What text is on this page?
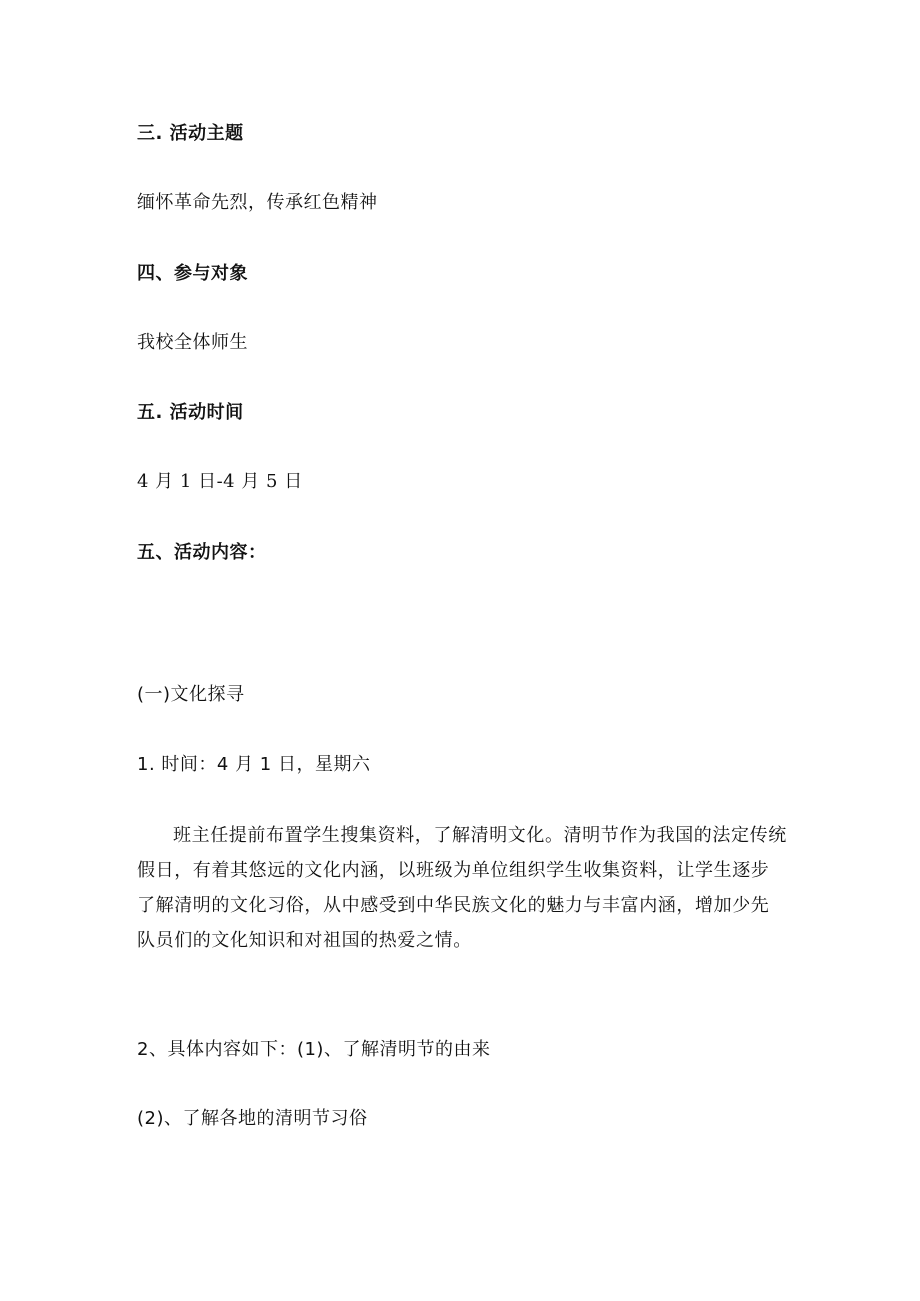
三. 活动主题
缅怀革命先烈，传承红色精神
四、参与对象
我校全体师生
五. 活动时间
4 月 1 日-4 月 5 日
五、活动内容：
(一)文化探寻
1. 时间：4 月 1 日，星期六

班主任提前布置学生搜集资料，了解清明文化。清明节作为我国的法定传统假日，有着其悠远的文化内涵，以班级为单位组织学生收集资料，让学生逐步了解清明的文化习俗，从中感受到中华民族文化的魅力与丰富内涵，增加少先队员们的文化知识和对祖国的热爱之情。

2、具体内容如下：(1)、了解清明节的由来
(2)、了解各地的清明节习俗
